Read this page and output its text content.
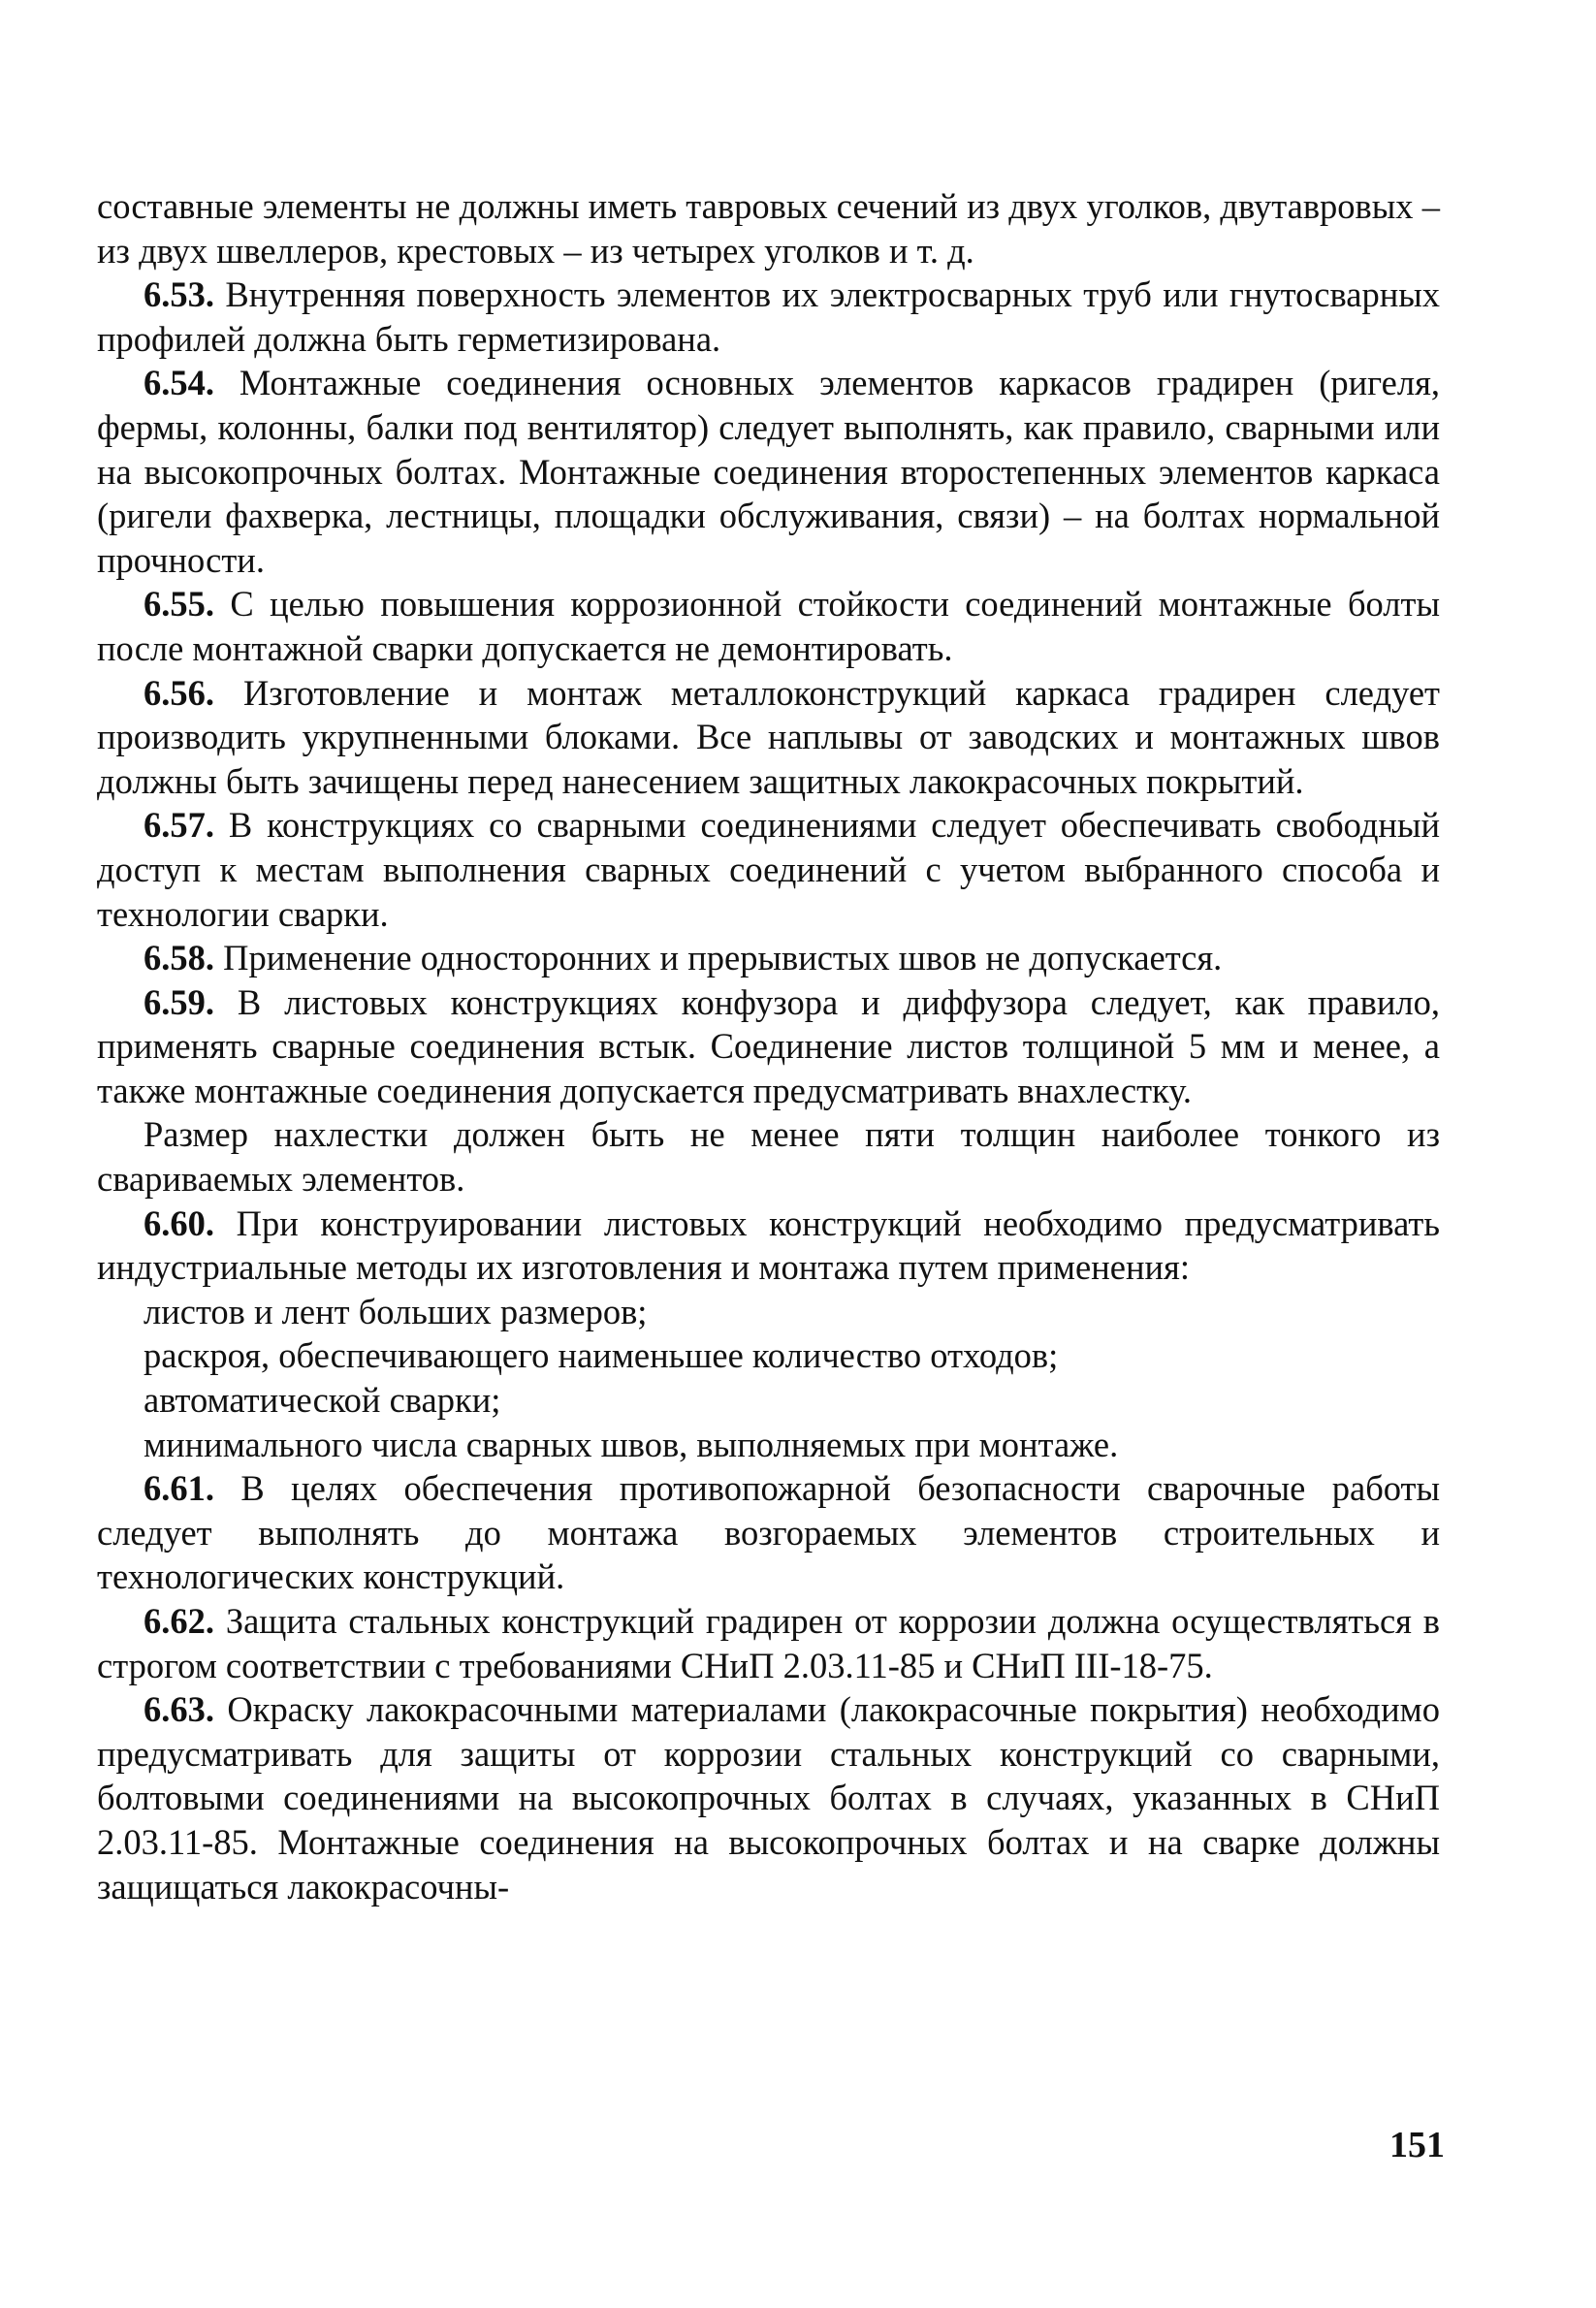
составные элементы не должны иметь тавровых сечений из двух уголков, двутавровых – из двух швеллеров, крестовых – из четырех уголков и т. д.

6.53. Внутренняя поверхность элементов их электросварных труб или гнутосварных профилей должна быть герметизирована.

6.54. Монтажные соединения основных элементов каркасов градирен (ригеля, фермы, колонны, балки под вентилятор) следует выполнять, как правило, сварными или на высокопрочных болтах. Монтажные соединения второстепенных элементов каркаса (ригели фахверка, лестницы, площадки обслуживания, связи) – на болтах нормальной прочности.

6.55. С целью повышения коррозионной стойкости соединений монтажные болты после монтажной сварки допускается не демонтировать.

6.56. Изготовление и монтаж металлоконструкций каркаса градирен следует производить укрупненными блоками. Все наплывы от заводских и монтажных швов должны быть зачищены перед нанесением защитных лакокрасочных покрытий.

6.57. В конструкциях со сварными соединениями следует обеспечивать свободный доступ к местам выполнения сварных соединений с учетом выбранного способа и технологии сварки.

6.58. Применение односторонних и прерывистых швов не допускается.

6.59. В листовых конструкциях конфузора и диффузора следует, как правило, применять сварные соединения встык. Соединение листов толщиной 5 мм и менее, а также монтажные соединения допускается предусматривать внахлестку.

Размер нахлестки должен быть не менее пяти толщин наиболее тонкого из свариваемых элементов.

6.60. При конструировании листовых конструкций необходимо предусматривать индустриальные методы их изготовления и монтажа путем применения:

листов и лент больших размеров;
раскроя, обеспечивающего наименьшее количество отходов;
автоматической сварки;
минимального числа сварных швов, выполняемых при монтаже.

6.61. В целях обеспечения противопожарной безопасности сварочные работы следует выполнять до монтажа возгораемых элементов строительных и технологических конструкций.

6.62. Защита стальных конструкций градирен от коррозии должна осуществляться в строгом соответствии с требованиями СНиП 2.03.11-85 и СНиП III-18-75.

6.63. Окраску лакокрасочными материалами (лакокрасочные покрытия) необходимо предусматривать для защиты от коррозии стальных конструкций со сварными, болтовыми соединениями на высокопрочных болтах в случаях, указанных в СНиП 2.03.11-85. Монтажные соединения на высокопрочных болтах и на сварке должны защищаться лакокрасочны-

151
